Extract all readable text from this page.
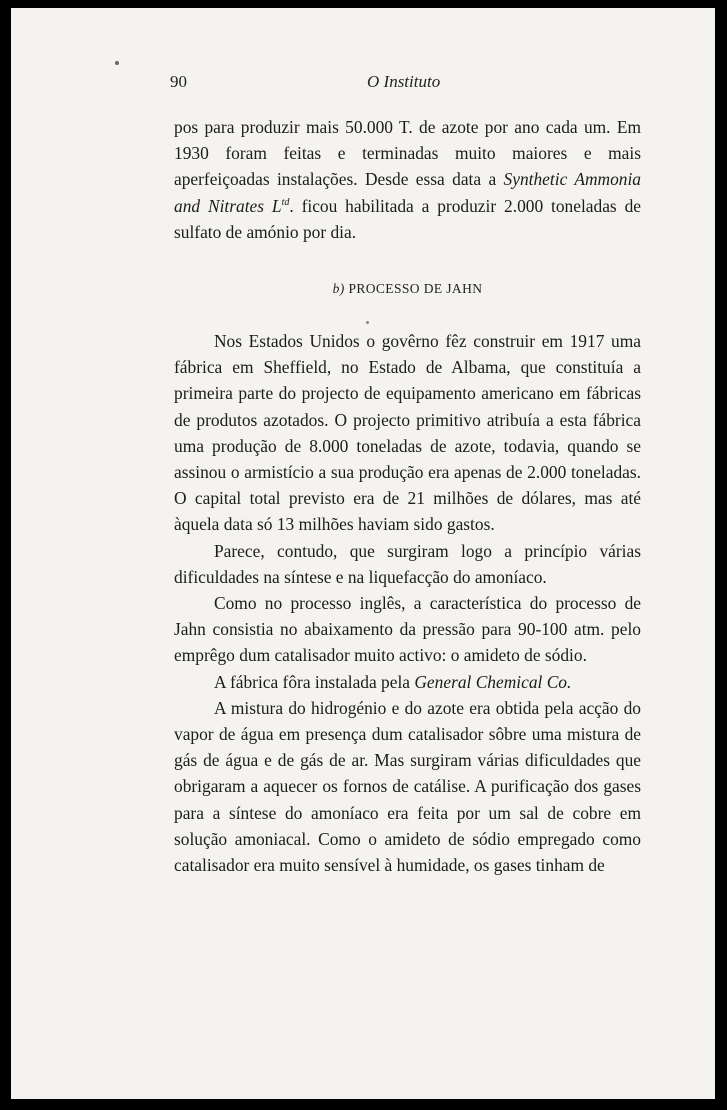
90	O Instituto

pos para produzir mais 50.000 T. de azote por ano cada um. Em 1930 foram feitas e terminadas muito maiores e mais aperfeiçoadas instalações. Desde essa data a Synthetic Ammonia and Nitrates $L^{td}$. ficou habilitada a produzir 2.000 toneladas de sulfato de amónio por dia.

b) PROCESSO DE JAHN

Nos Estados Unidos o govêrno fêz construir em 1917 uma fábrica em Sheffield, no Estado de Albama, que constituía a primeira parte do projecto de equipamento americano em fábricas de produtos azotados. O projecto primitivo atribuía a esta fábrica uma produção de 8.000 toneladas de azote, todavia, quando se assinou o armistício a sua produção era apenas de 2.000 toneladas. O capital total previsto era de 21 milhões de dólares, mas até àquela data só 13 milhões haviam sido gastos.

Parece, contudo, que surgiram logo a princípio várias dificuldades na síntese e na liquefacção do amoníaco.

Como no processo inglês, a característica do processo de Jahn consistia no abaixamento da pressão para 90-100 atm. pelo emprêgo dum catalisador muito activo: o amideto de sódio.

A fábrica fôra instalada pela General Chemical Co.

A mistura do hidrogénio e do azote era obtida pela acção do vapor de água em presença dum catalisador sôbre uma mistura de gás de água e de gás de ar. Mas surgiram várias dificuldades que obrigaram a aquecer os fornos de catálise. A purificação dos gases para a síntese do amoníaco era feita por um sal de cobre em solução amoniacal. Como o amideto de sódio empregado como catalisador era muito sensível à humidade, os gases tinham de
